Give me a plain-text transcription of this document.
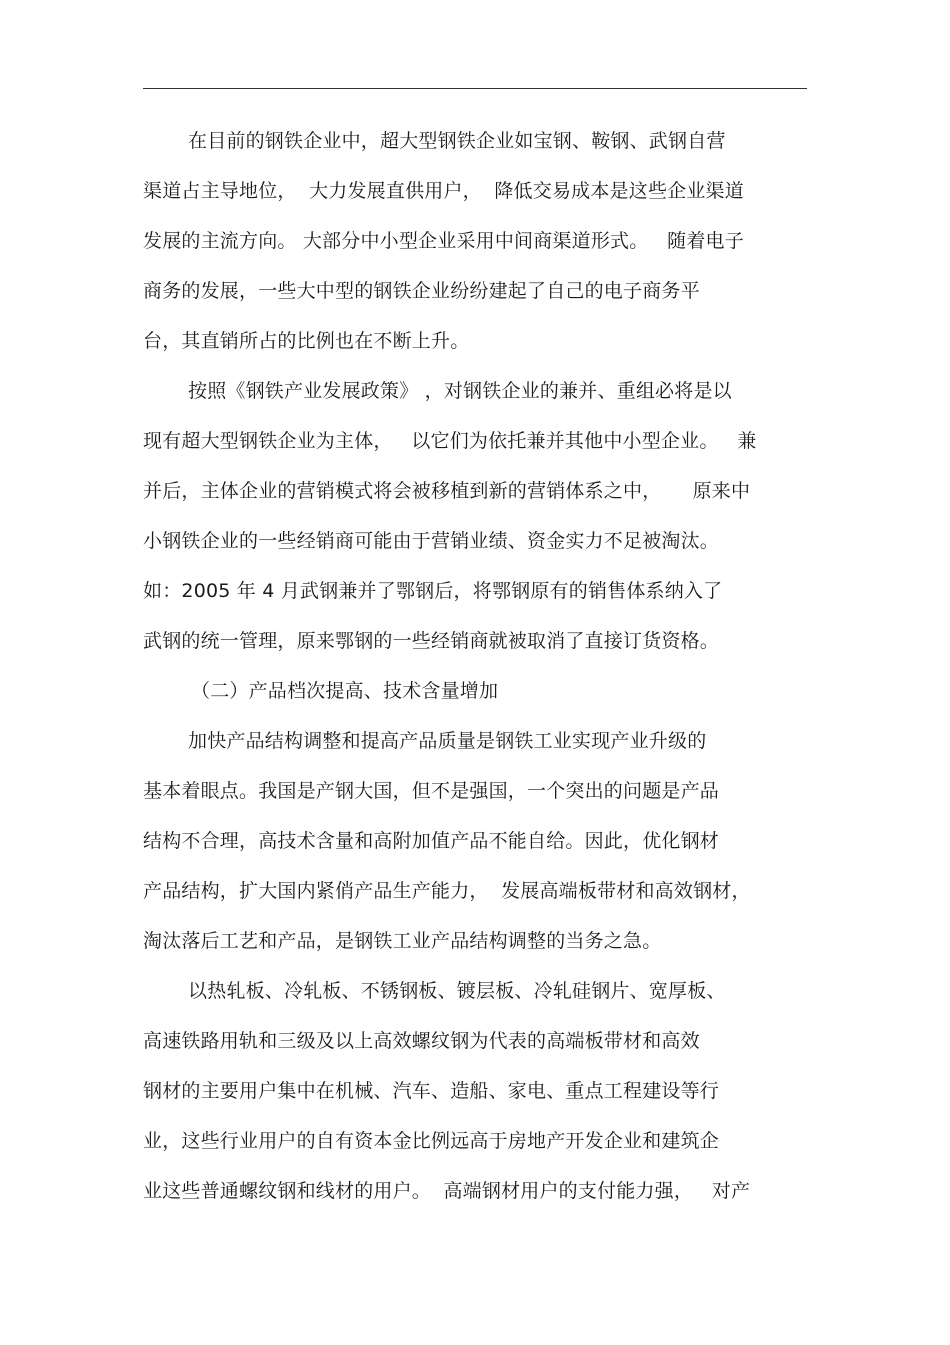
在目前的钢铁企业中，超大型钢铁企业如宝钢、鞍钢、武钢自营
渠道占主导地位，  大力发展直供用户，  降低交易成本是这些企业渠道
发展的主流方向。 大部分中小型企业采用中间商渠道形式。   随着电子
商务的发展，一些大中型的钢铁企业纷纷建起了自己的电子商务平
台，其直销所占的比例也在不断上升。
按照《钢铁产业发展政策》 ，对钢铁企业的兼并、重组必将是以
现有超大型钢铁企业为主体，   以它们为依托兼并其他中小型企业。   兼
并后，主体企业的营销模式将会被移植到新的营销体系之中，     原来中
小钢铁企业的一些经销商可能由于营销业绩、资金实力不足被淘汰。
如：2005 年 4 月武钢兼并了鄂钢后，将鄂钢原有的销售体系纳入了
武钢的统一管理，原来鄂钢的一些经销商就被取消了直接订货资格。
（二）产品档次提高、技术含量增加
加快产品结构调整和提高产品质量是钢铁工业实现产业升级的
基本着眼点。我国是产钢大国，但不是强国，一个突出的问题是产品
结构不合理，高技术含量和高附加值产品不能自给。因此，优化钢材
产品结构，扩大国内紧俏产品生产能力，  发展高端板带材和高效钢材，
淘汰落后工艺和产品，是钢铁工业产品结构调整的当务之急。
以热轧板、冷轧板、不锈钢板、镀层板、冷轧硅钢片、宽厚板、
高速铁路用轨和三级及以上高效螺纹钢为代表的高端板带材和高效
钢材的主要用户集中在机械、汽车、造船、家电、重点工程建设等行
业，这些行业用户的自有资本金比例远高于房地产开发企业和建筑企
业这些普通螺纹钢和线材的用户。  高端钢材用户的支付能力强，   对产
